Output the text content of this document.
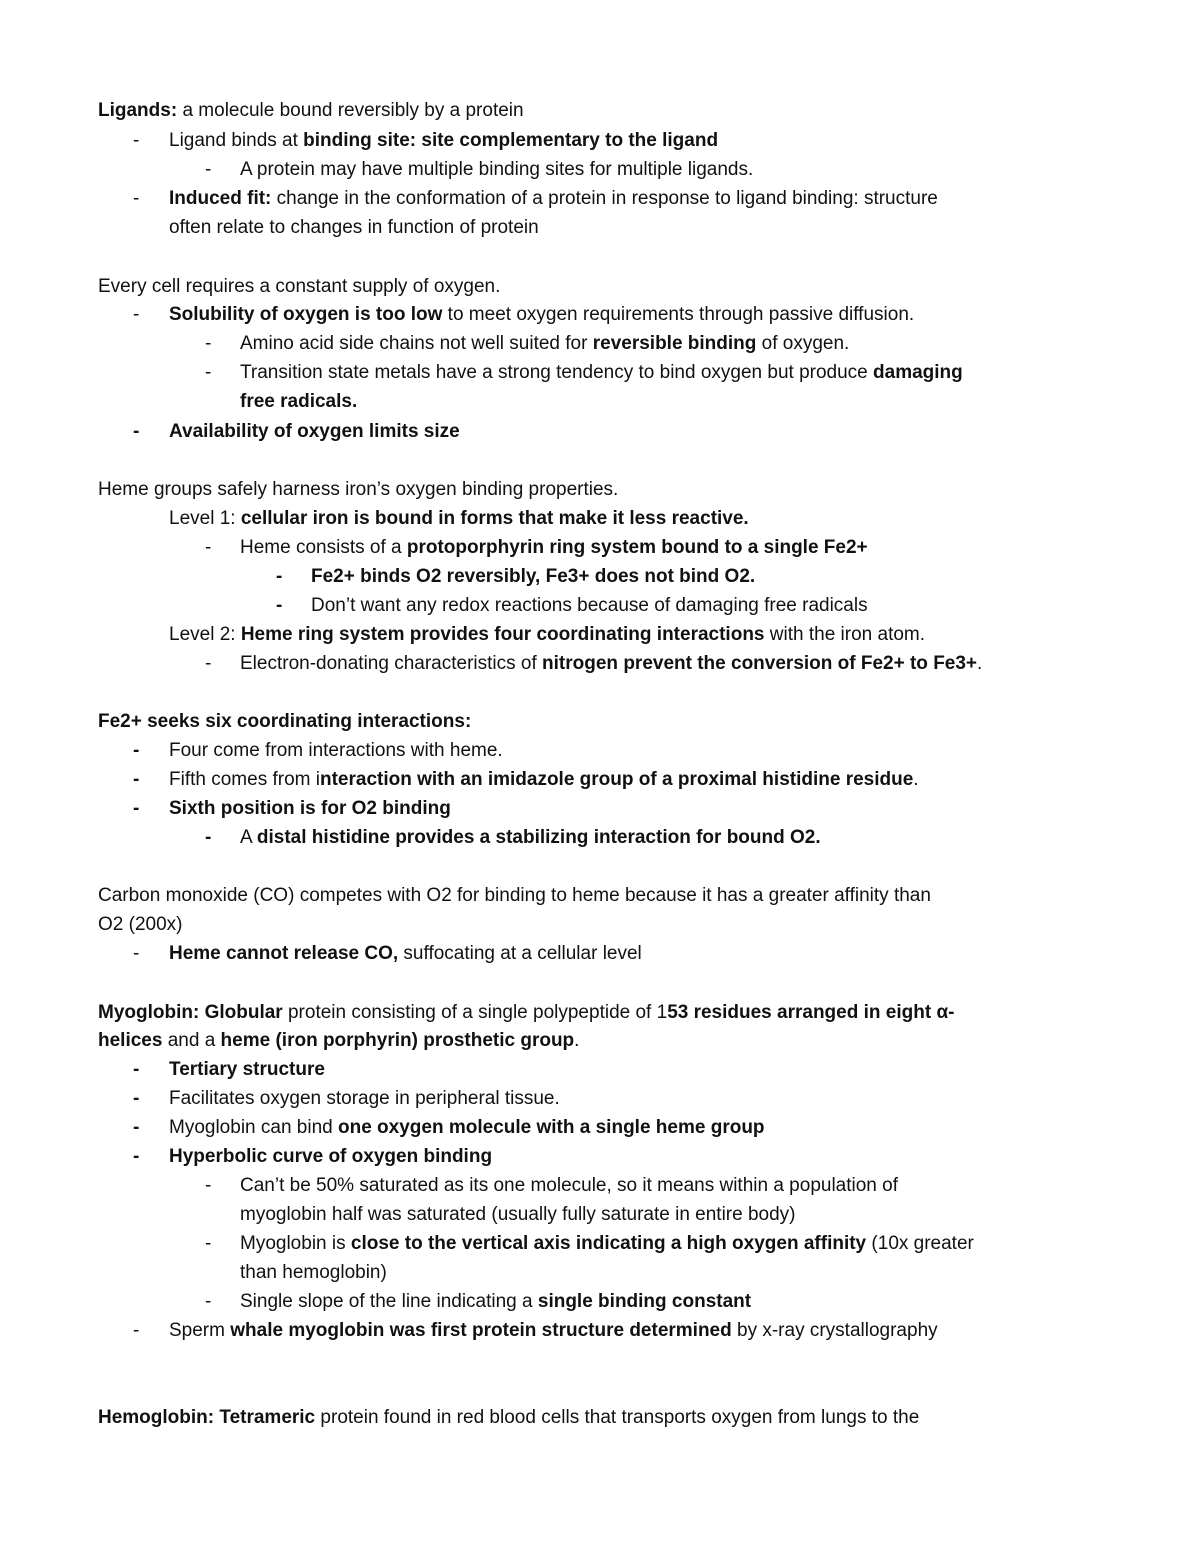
Ligands: a molecule bound reversibly by a protein
-	Ligand binds at binding site: site complementary to the ligand
-	A protein may have multiple binding sites for multiple ligands.
-	Induced fit: change in the conformation of a protein in response to ligand binding: structure
often relate to changes in function of protein
Every cell requires a constant supply of oxygen.
-	Solubility of oxygen is too low to meet oxygen requirements through passive diffusion.
-	Amino acid side chains not well suited for reversible binding of oxygen.
-	Transition state metals have a strong tendency to bind oxygen but produce damaging
free radicals.
-	Availability of oxygen limits size
Heme groups safely harness iron’s oxygen binding properties.
Level 1: cellular iron is bound in forms that make it less reactive.
-	Heme consists of a protoporphyrin ring system bound to a single Fe2+
-	Fe2+ binds O2 reversibly, Fe3+ does not bind O2.
-	Don’t want any redox reactions because of damaging free radicals
Level 2: Heme ring system provides four coordinating interactions with the iron atom.
-	Electron-donating characteristics of nitrogen prevent the conversion of Fe2+ to Fe3+.
Fe2+ seeks six coordinating interactions:
-	Four come from interactions with heme.
-	Fifth comes from interaction with an imidazole group of a proximal histidine residue.
-	Sixth position is for O2 binding
-	A distal histidine provides a stabilizing interaction for bound O2.
Carbon monoxide (CO) competes with O2 for binding to heme because it has a greater affinity than
O2 (200x)
-	Heme cannot release CO, suffocating at a cellular level
Myoglobin: Globular protein consisting of a single polypeptide of 153 residues arranged in eight α-
helices and a heme (iron porphyrin) prosthetic group.
-	Tertiary structure
-	Facilitates oxygen storage in peripheral tissue.
-	Myoglobin can bind one oxygen molecule with a single heme group
-	Hyperbolic curve of oxygen binding
-	Can’t be 50% saturated as its one molecule, so it means within a population of
myoglobin half was saturated (usually fully saturate in entire body)
-	Myoglobin is close to the vertical axis indicating a high oxygen affinity (10x greater
than hemoglobin)
-	Single slope of the line indicating a single binding constant
-	Sperm whale myoglobin was first protein structure determined by x-ray crystallography
Hemoglobin: Tetrameric protein found in red blood cells that transports oxygen from lungs to the
